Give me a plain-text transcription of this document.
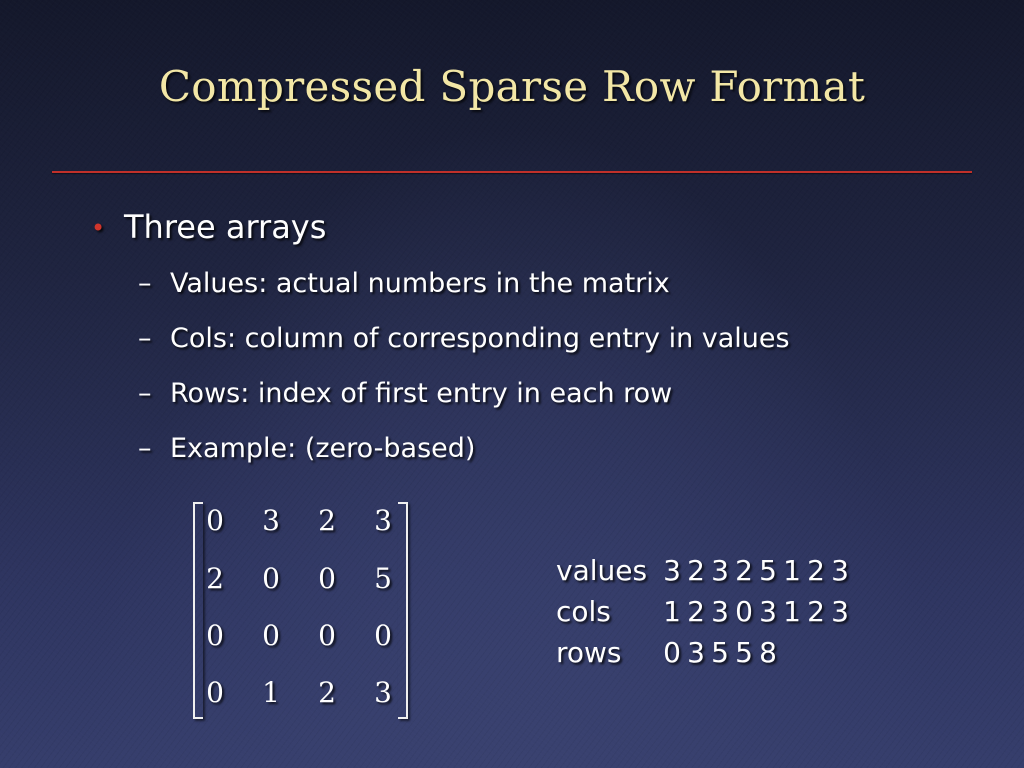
Compressed Sparse Row Format
• Three arrays
– Values: actual numbers in the matrix
– Cols: column of corresponding entry in values
– Rows: index of first entry in each row
– Example: (zero-based)
0 3 2 3
2 0 0 5
0 0 0 0
0 1 2 3
values 3 2 3 2 5 1 2 3
cols 1 2 3 0 3 1 2 3
rows 0 3 5 5 8
